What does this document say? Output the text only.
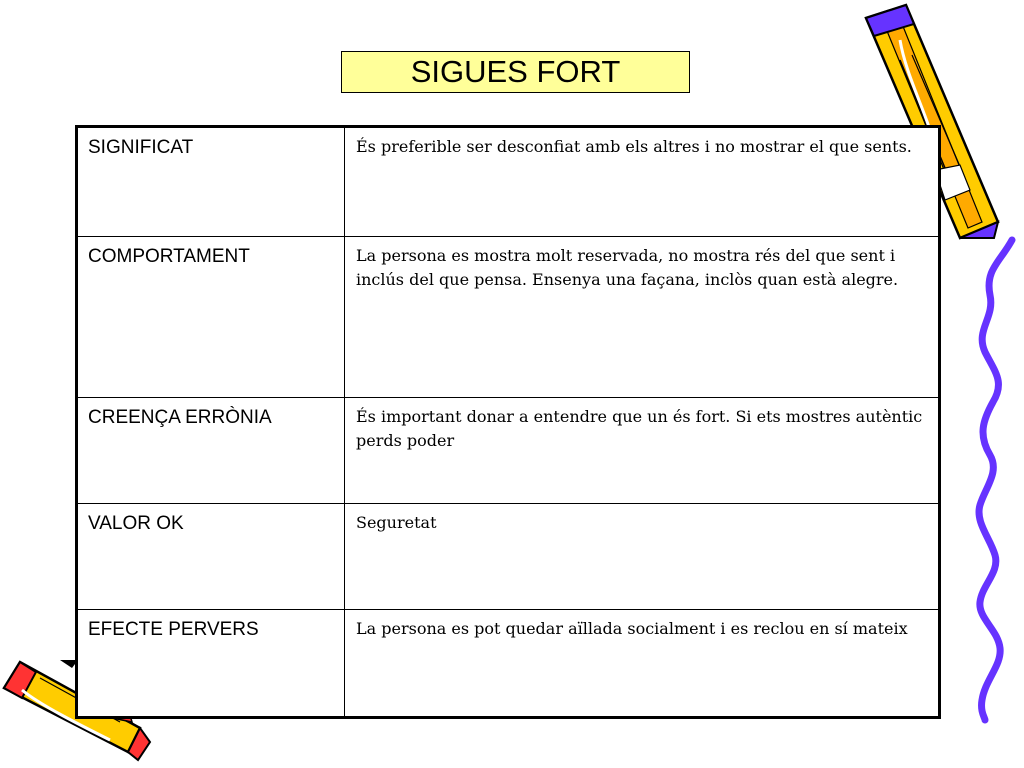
SIGUES FORT
SIGNIFICAT	És preferible ser desconfiat amb els altres i no mostrar el que sents.
COMPORTAMENT	La persona es mostra molt reservada, no mostra rés del que sent i inclús del que pensa. Ensenya una façana, inclòs quan està alegre.
CREENÇA ERRÒNIA	És important donar a entendre que un és fort. Si ets mostres autèntic perds poder
VALOR OK	Seguretat
EFECTE PERVERS	La persona es pot quedar aïllada socialment i es reclou en sí mateix
